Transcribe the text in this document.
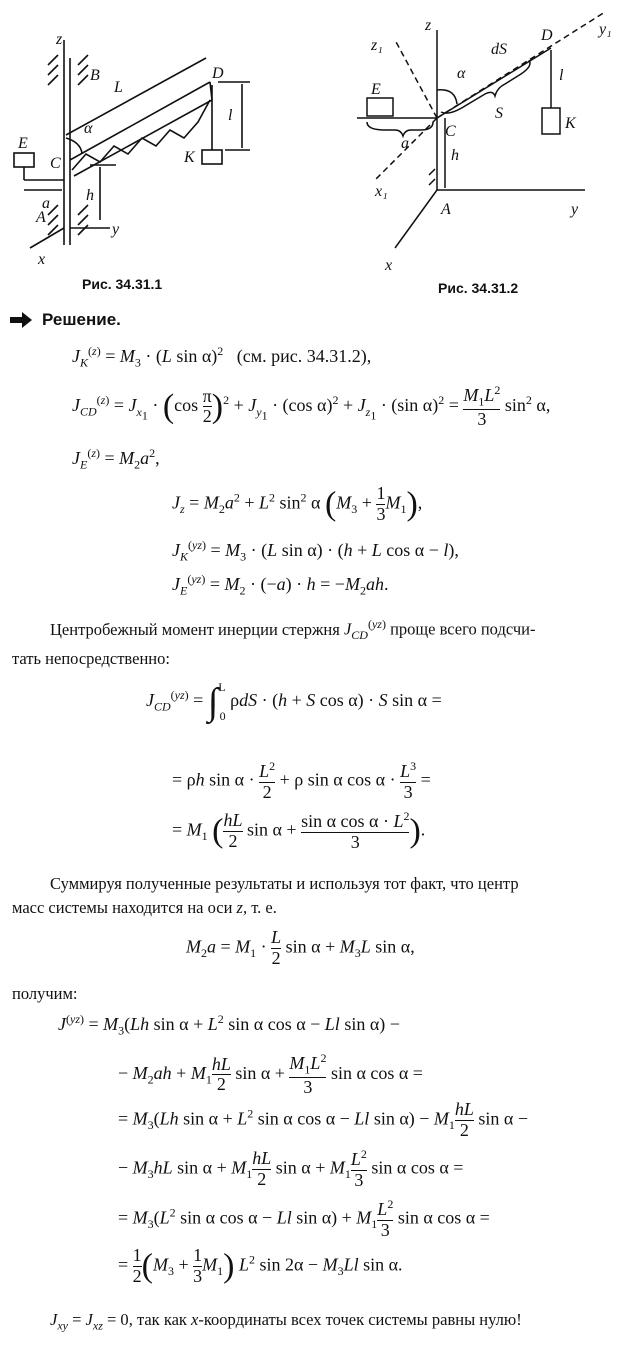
z
B
L
D
α
l
E
C	K
a h
A
y
x
Рис. 34.31.1
z₁
z
dS
D	y₁
α
E
S
l
K
C
a
h
x₁
A	y
x
Рис. 34.31.2
Решение.
$J_K^{(z)} = M_3 \cdot (L$ sin α)$^2$ (см. рис. 34.31.2),
$J_{CD}^{(z)} = J_{x_1} \cdot (\cos \frac{\pi}{2} )^2 + J_{y_1} \cdot (\cos$ $\alpha)^2 + J_{z_1} \cdot (\sin$ $\alpha)^2 = \frac{M_1L^2}{3} \sin^2 \alpha$,
$J_E^{(z)} = M_2a^2$,
$J_z = M_2a^2 + L^2$ $\sin^2 \alpha$ $(M_3 + \frac{1}{3} M_1)$,
$J_K^{(yz)} = M_3 \cdot (L$ sin α) · (h + L cos α − l),
$J_E^{(yz)} = M_2 \cdot (-a) \cdot h = -M_2ah$.
Центробежный момент инерции стержня $J_{CD}^{(yz)}$ проще всего подсчи-
тать непосредственно:
$J_{CD}^{(yz)} = \int^L0$ ρdS · (h + S cos α) · S sin α =
= ρh $\sin \alpha \cdot \frac{L^2}{2} + \rho$ sin α $\cos \alpha \cdot \frac{L^3}{3}$ =
= $M_1$ ( $\frac{hL}{2}$ $\sin \alpha + \frac{\sin \alpha \cos \alpha \cdot L^2}{3}$ ).
Суммируя полученные результаты и используя тот факт, что центр
масс системы находится на оси z, т. е.
$M_2a = M_1 \cdot \frac{L}{2}$ $\sin \alpha + M_3L$ sin α,
получим:
$J^{(yz)} = M_3(Lh$ $\sin \alpha + L^2$ sin α cos α − Ll sin α) −
− $M_2ah + M_1 \frac{hL}{2}$ $\sin \alpha + \frac{M_1L^2}{3}$ sin α cos α =
= $M_3(Lh$ $\sin \alpha + L^2$ sin α cos α − Ll $\sin \alpha) - M_1 \frac{hL}{2}$ sin α −
− $M_3hL$ $\sin \alpha + M_1 \frac{hL}{2}$ $\sin \alpha + M_1 \frac{L^2}{3}$ sin α cos α =
= $M_3(L^2$ sin α cos α − Ll $\sin \alpha) + M_1 \frac{L^2}{3}$ sin α cos α =
= $\frac{1}{2} (M_3 + \frac{1}{3} M_1)$ $L^2$ $\sin 2\alpha - M_3Ll$ sin α.
$J_{xy} = J_{xz} = 0$, так как x-координаты всех точек системы равны нулю!
